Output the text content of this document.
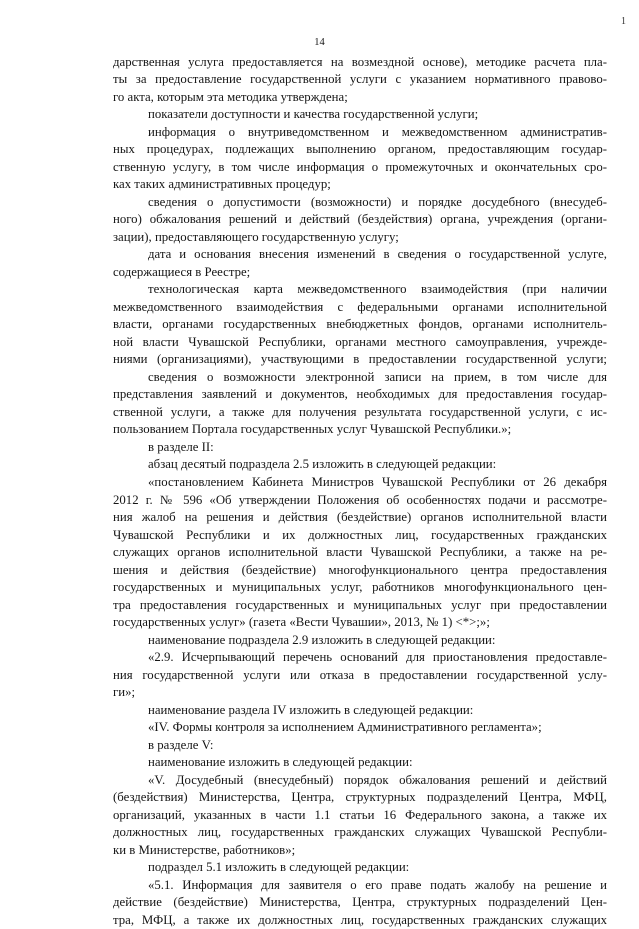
1
14
дарственная услуга предоставляется на возмездной основе), методике расчета пла-
ты за предоставление государственной услуги с указанием нормативного правово-
го акта, которым эта методика утверждена;
показатели доступности и качества государственной услуги;
информация о внутриведомственном и межведомственном административ-
ных процедурах, подлежащих выполнению органом, предоставляющим государ-
ственную услугу, в том числе информация о промежуточных и окончательных сро-
ках таких административных процедур;
сведения о допустимости (возможности) и порядке досудебного (внесудеб-
ного) обжалования решений и действий (бездействия) органа, учреждения (органи-
зации), предоставляющего государственную услугу;
дата и основания внесения изменений в сведения о государственной услуге,
содержащиеся в Реестре;
технологическая карта межведомственного взаимодействия (при наличии
межведомственного взаимодействия с федеральными органами исполнительной
власти, органами государственных внебюджетных фондов, органами исполнитель-
ной власти Чувашской Республики, органами местного самоуправления, учрежде-
ниями (организациями), участвующими в предоставлении государственной услуги;
сведения о возможности электронной записи на прием, в том числе для
представления заявлений и документов, необходимых для предоставления государ-
ственной услуги, а также для получения результата государственной услуги, с ис-
пользованием Портала государственных услуг Чувашской Республики.»;
в разделе II:
абзац десятый подраздела 2.5 изложить в следующей редакции:
«постановлением Кабинета Министров Чувашской Республики от 26 декабря
2012 г. № 596 «Об утверждении Положения об особенностях подачи и рассмотре-
ния жалоб на решения и действия (бездействие) органов исполнительной власти
Чувашской Республики и их должностных лиц, государственных гражданских
служащих органов исполнительной власти Чувашской Республики, а также на ре-
шения и действия (бездействие) многофункционального центра предоставления
государственных и муниципальных услуг, работников многофункционального цен-
тра предоставления государственных и муниципальных услуг при предоставлении
государственных услуг» (газета «Вести Чувашии», 2013, № 1) <*>;»;
наименование подраздела 2.9 изложить в следующей редакции:
«2.9. Исчерпывающий перечень оснований для приостановления предоставле-
ния государственной услуги или отказа в предоставлении государственной услу-
ги»;
наименование раздела IV изложить в следующей редакции:
«IV. Формы контроля за исполнением Административного регламента»;
в разделе V:
наименование изложить в следующей редакции:
«V. Досудебный (внесудебный) порядок обжалования решений и действий
(бездействия) Министерства, Центра, структурных подразделений Центра, МФЦ,
организаций, указанных в части 1.1 статьи 16 Федерального закона, а также их
должностных лиц, государственных гражданских служащих Чувашской Республи-
ки в Министерстве, работников»;
подраздел 5.1 изложить в следующей редакции:
«5.1. Информация для заявителя о его праве подать жалобу на решение и
действие (бездействие) Министерства, Центра, структурных подразделений Цен-
тра, МФЦ, а также их должностных лиц, государственных гражданских служащих
